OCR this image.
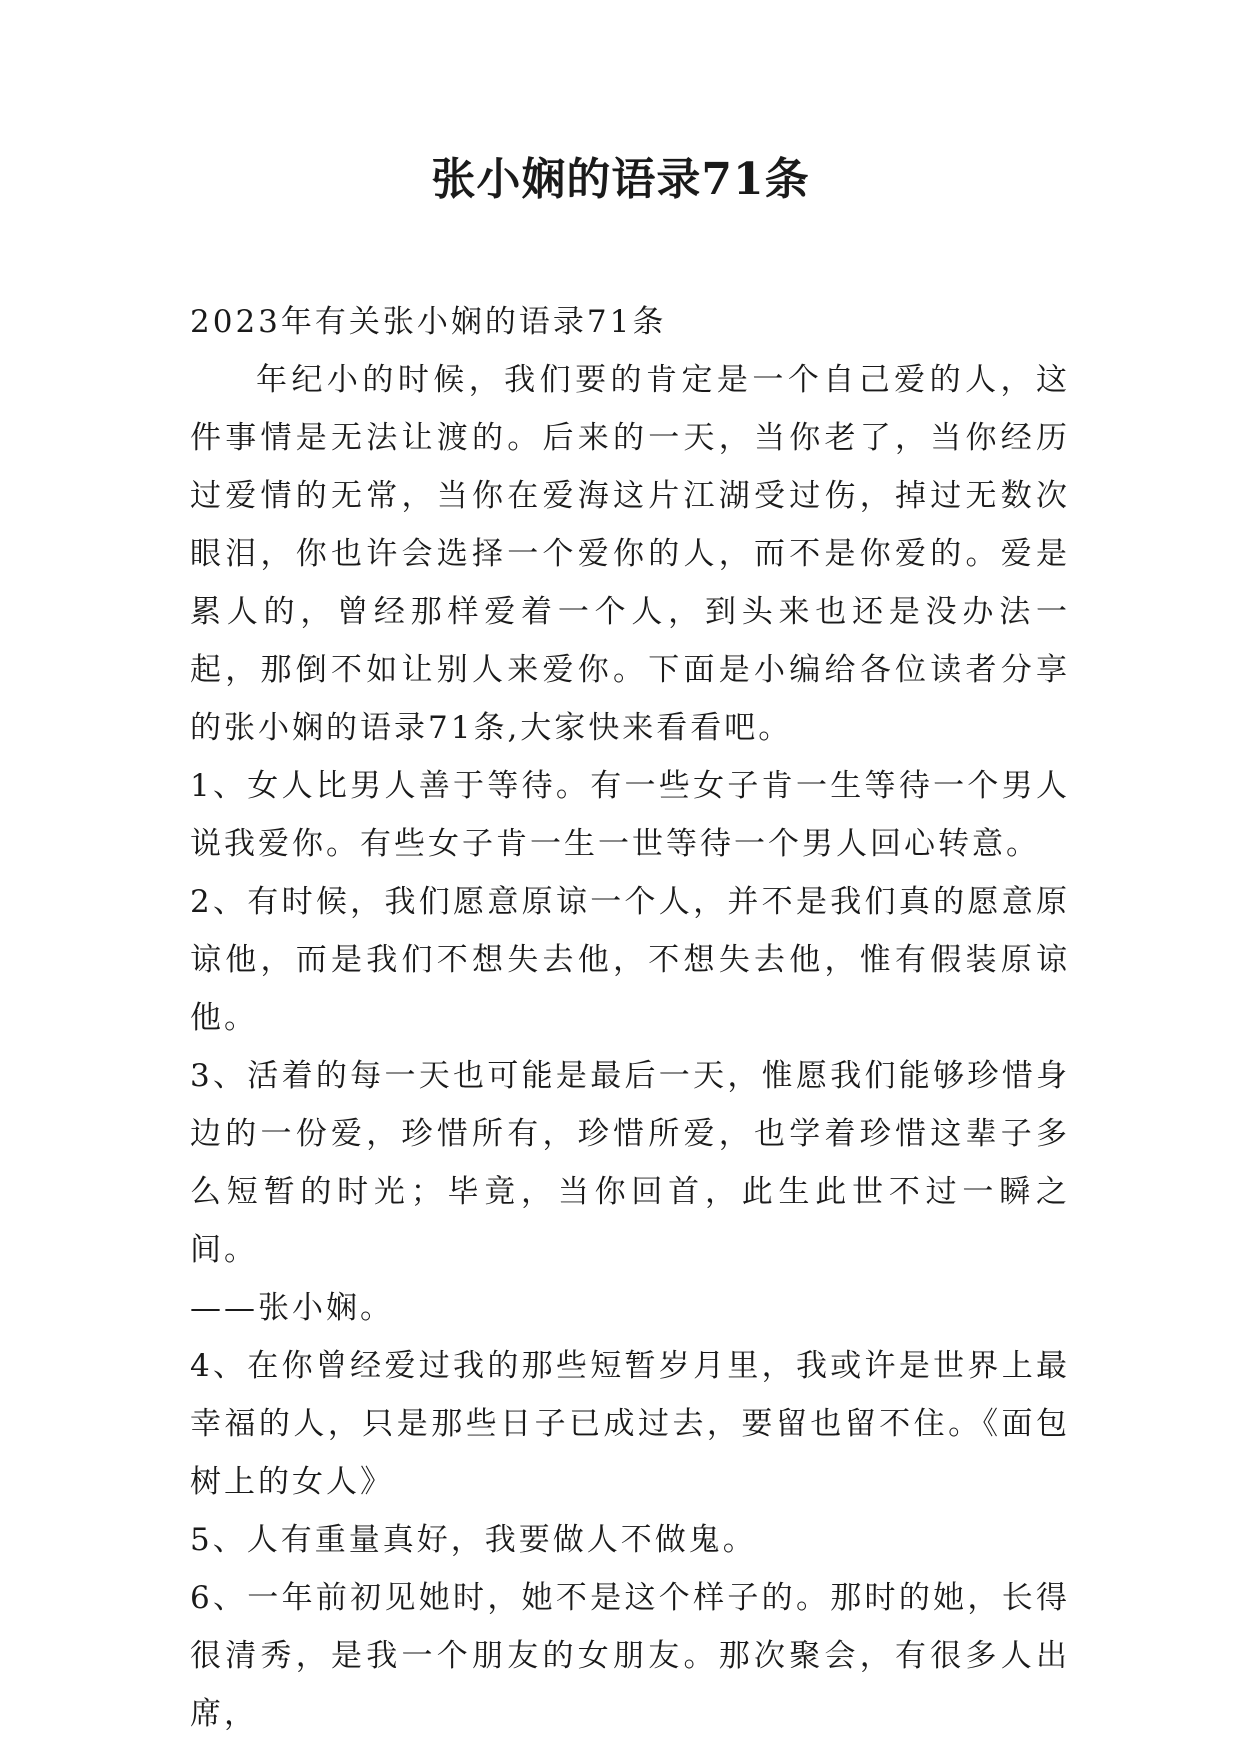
张小娴的语录71条

2023年有关张小娴的语录71条

年纪小的时候，我们要的肯定是一个自己爱的人，这件事情是无法让渡的。后来的一天，当你老了，当你经历过爱情的无常，当你在爱海这片江湖受过伤，掉过无数次眼泪，你也许会选择一个爱你的人，而不是你爱的。爱是累人的，曾经那样爱着一个人，到头来也还是没办法一起，那倒不如让别人来爱你。下面是小编给各位读者分享的张小娴的语录71条,大家快来看看吧。

1、女人比男人善于等待。有一些女子肯一生等待一个男人说我爱你。有些女子肯一生一世等待一个男人回心转意。

2、有时候，我们愿意原谅一个人，并不是我们真的愿意原谅他，而是我们不想失去他，不想失去他，惟有假装原谅他。

3、活着的每一天也可能是最后一天，惟愿我们能够珍惜身边的一份爱，珍惜所有，珍惜所爱，也学着珍惜这辈子多么短暂的时光；毕竟，当你回首，此生此世不过一瞬之间。

——张小娴。

4、在你曾经爱过我的那些短暂岁月里，我或许是世界上最幸福的人，只是那些日子已成过去，要留也留不住。《面包树上的女人》

5、人有重量真好，我要做人不做鬼。

6、一年前初见她时，她不是这个样子的。那时的她，长得很清秀，是我一个朋友的女朋友。那次聚会，有很多人出席，
